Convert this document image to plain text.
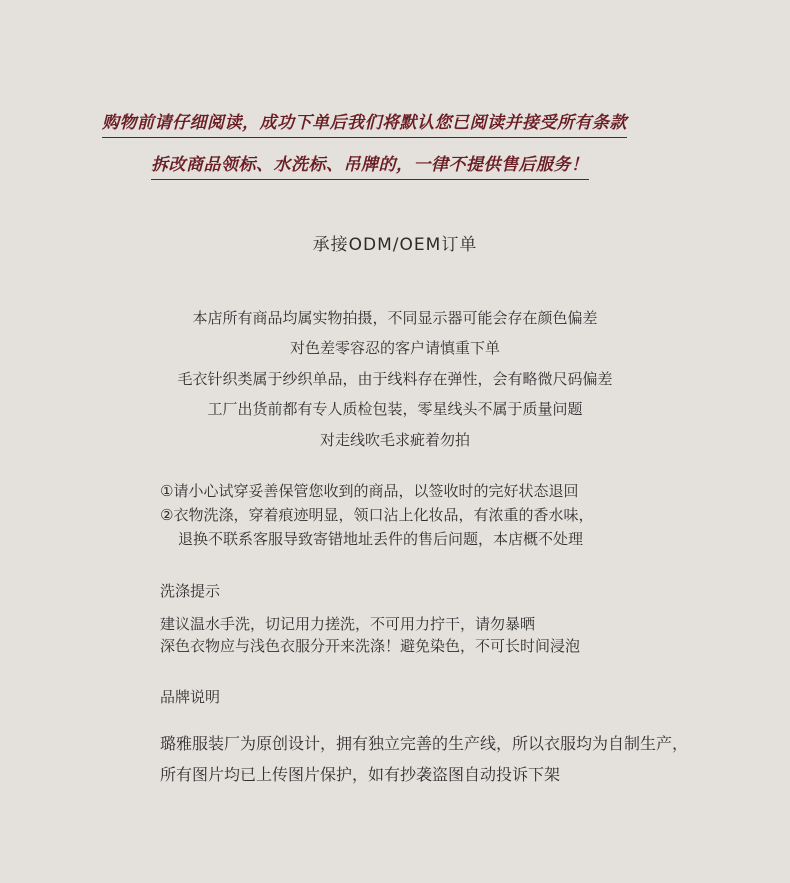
购物前请仔细阅读，成功下单后我们将默认您已阅读并接受所有条款

拆改商品领标、水洗标、吊牌的，一律不提供售后服务！

承接ODM/OEM订单

本店所有商品均属实物拍摄，不同显示器可能会存在颜色偏差

对色差零容忍的客户请慎重下单

毛衣针织类属于纱织单品，由于线料存在弹性，会有略微尺码偏差

工厂出货前都有专人质检包装，零星线头不属于质量问题

对走线吹毛求疵着勿拍

①请小心试穿妥善保管您收到的商品，以签收时的完好状态退回

②衣物洗涤，穿着痕迹明显，领口沾上化妆品，有浓重的香水味，

退换不联系客服导致寄错地址丢件的售后问题，本店概不处理

洗涤提示

建议温水手洗，切记用力搓洗，不可用力拧干，请勿暴晒

深色衣物应与浅色衣服分开来洗涤！避免染色，不可长时间浸泡

品牌说明

璐雅服装厂为原创设计，拥有独立完善的生产线，所以衣服均为自制生产，

所有图片均已上传图片保护，如有抄袭盗图自动投诉下架
